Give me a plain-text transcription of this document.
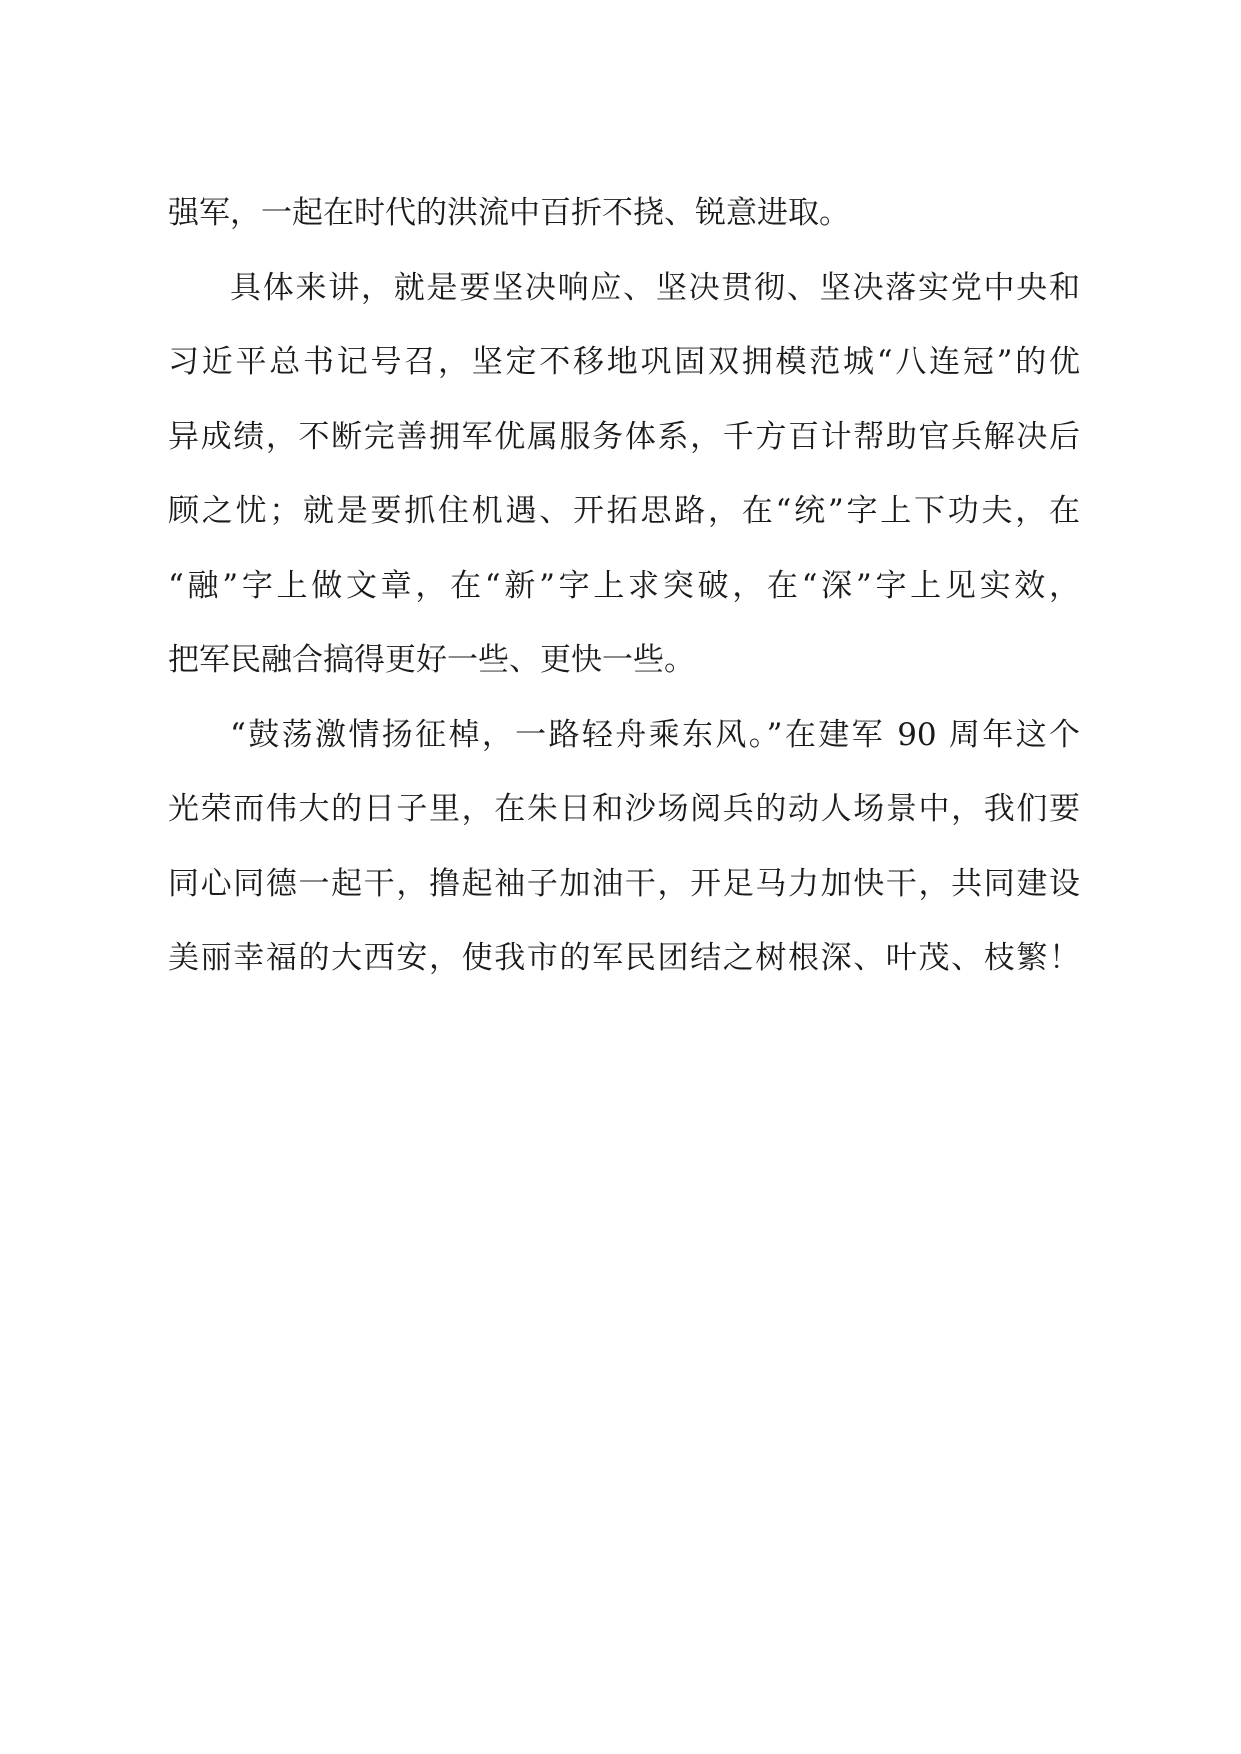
强军，一起在时代的洪流中百折不挠、锐意进取。
具体来讲，就是要坚决响应、坚决贯彻、坚决落实党中央和
习近平总书记号召，坚定不移地巩固双拥模范城“八连冠”的优
异成绩，不断完善拥军优属服务体系，千方百计帮助官兵解决后
顾之忧；就是要抓住机遇、开拓思路，在“统”字上下功夫，在
“融”字上做文章，在“新”字上求突破，在“深”字上见实效，
把军民融合搞得更好一些、更快一些。
“鼓荡激情扬征棹，一路轻舟乘东风。”在建军 90 周年这个
光荣而伟大的日子里，在朱日和沙场阅兵的动人场景中，我们要
同心同德一起干，撸起袖子加油干，开足马力加快干，共同建设
美丽幸福的大西安，使我市的军民团结之树根深、叶茂、枝繁！
